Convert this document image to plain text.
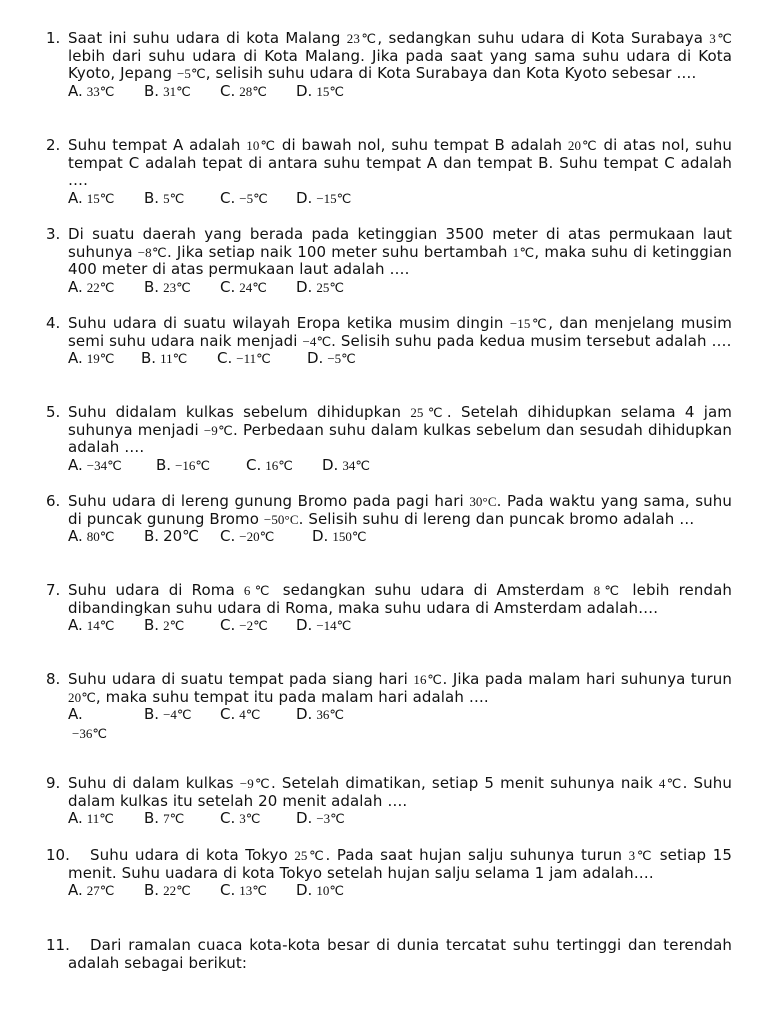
1. Saat ini suhu udara di kota Malang 23℃, sedangkan suhu udara di Kota Surabaya 3℃ lebih dari suhu udara di Kota Malang. Jika pada saat yang sama suhu udara di Kota Kyoto, Jepang −5℃, selisih suhu udara di Kota Surabaya dan Kota Kyoto sebesar ….
A. 33℃ B. 31℃ C. 28℃ D. 15℃
2. Suhu tempat A adalah 10℃ di bawah nol, suhu tempat B adalah 20℃ di atas nol, suhu tempat C adalah tepat di antara suhu tempat A dan tempat B. Suhu tempat C adalah ….
A. 15℃ B. 5℃ C. −5℃ D. −15℃
3. Di suatu daerah yang berada pada ketinggian 3500 meter di atas permukaan laut suhunya −8℃. Jika setiap naik 100 meter suhu bertambah 1℃, maka suhu di ketinggian 400 meter di atas permukaan laut adalah ….
A. 22℃ B. 23℃ C. 24℃ D. 25℃
4. Suhu udara di suatu wilayah Eropa ketika musim dingin −15℃, dan menjelang musim semi suhu udara naik menjadi −4℃. Selisih suhu pada kedua musim tersebut adalah ….
A. 19℃ B. 11℃ C. −11℃ D. −5℃
5. Suhu didalam kulkas sebelum dihidupkan 25℃. Setelah dihidupkan selama 4 jam suhunya menjadi −9℃. Perbedaan suhu dalam kulkas sebelum dan sesudah dihidupkan adalah ….
A. −34℃ B. −16℃ C. 16℃ D. 34℃
6. Suhu udara di lereng gunung Bromo pada pagi hari 30°C. Pada waktu yang sama, suhu di puncak gunung Bromo −50°C. Selisih suhu di lereng dan puncak bromo adalah …
A. 80℃ B. 20℃ C. −20℃	D. 150℃
7. Suhu udara di Roma 6℃ sedangkan suhu udara di Amsterdam 8℃ lebih rendah dibandingkan suhu udara di Roma, maka suhu udara di Amsterdam adalah….
A. 14℃ B. 2℃ C. −2℃ D. −14℃
8. Suhu udara di suatu tempat pada siang hari 16℃. Jika pada malam hari suhunya turun 20℃, maka suhu tempat itu pada malam hari adalah ….
−36℃
A.	B. −4℃ C. 4℃ D. 36℃
9. Suhu di dalam kulkas −9℃. Setelah dimatikan, setiap 5 menit suhunya naik 4℃. Suhu dalam kulkas itu setelah 20 menit adalah ….
A. 11℃ B. 7℃ C. 3℃ D. −3℃
10.	Suhu udara di kota Tokyo 25℃. Pada saat hujan salju suhunya turun 3℃ setiap 15 menit. Suhu uadara di kota Tokyo setelah hujan salju selama 1 jam adalah….
A. 27℃ B. 22℃ C. 13℃ D. 10℃
11.	Dari ramalan cuaca kota-kota besar di dunia tercatat suhu tertinggi dan terendah adalah sebagai berikut:
